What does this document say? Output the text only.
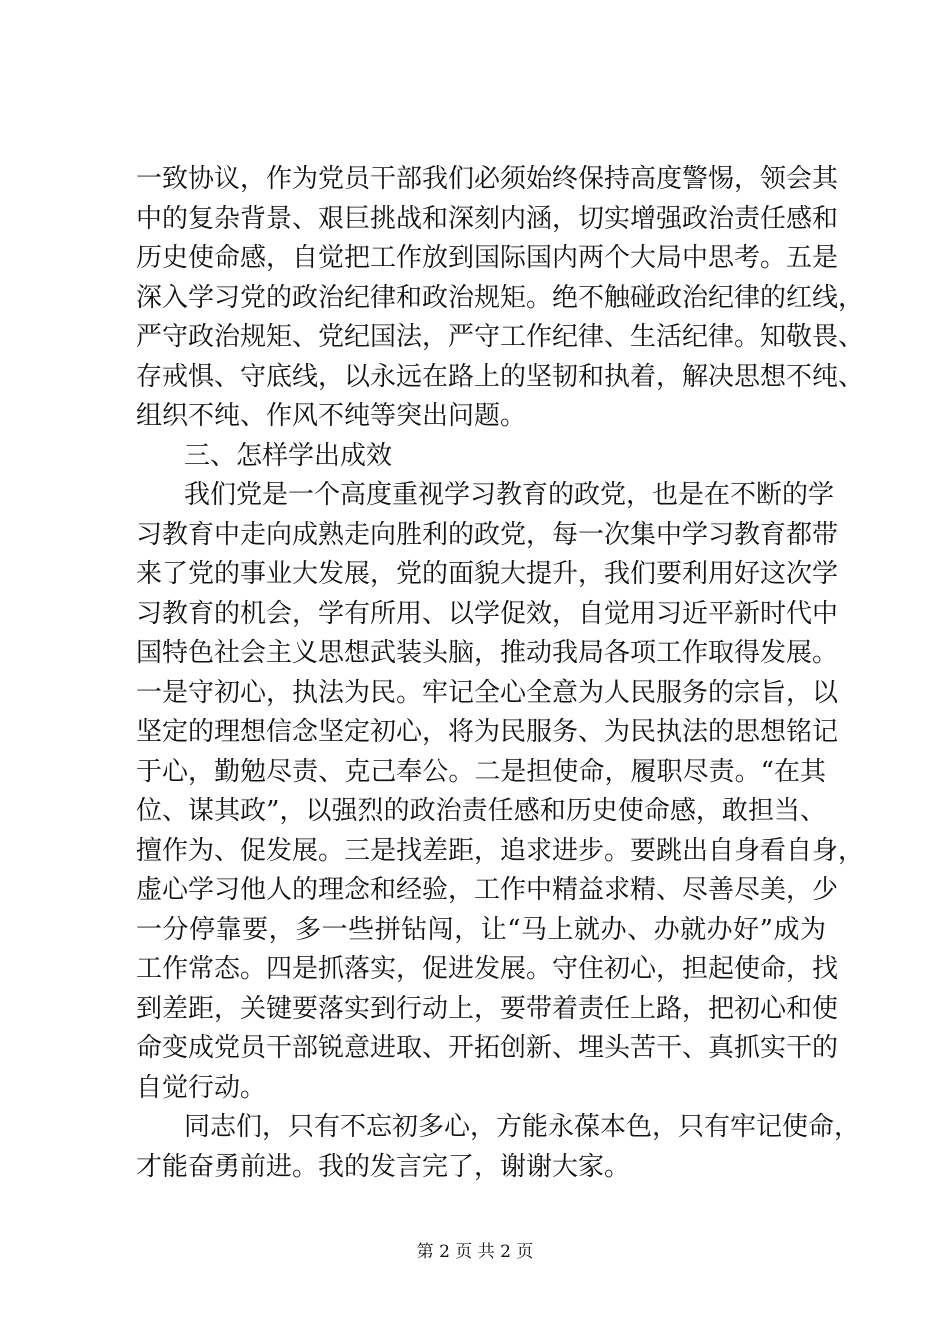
一致协议，作为党员干部我们必须始终保持高度警惕，领会其
中的复杂背景、艰巨挑战和深刻内涵，切实增强政治责任感和
历史使命感，自觉把工作放到国际国内两个大局中思考。五是
深入学习党的政治纪律和政治规矩。绝不触碰政治纪律的红线，
严守政治规矩、党纪国法，严守工作纪律、生活纪律。知敬畏、
存戒惧、守底线，以永远在路上的坚韧和执着，解决思想不纯、
组织不纯、作风不纯等突出问题。
三、怎样学出成效
我们党是一个高度重视学习教育的政党，也是在不断的学
习教育中走向成熟走向胜利的政党，每一次集中学习教育都带
来了党的事业大发展，党的面貌大提升，我们要利用好这次学
习教育的机会，学有所用、以学促效，自觉用习近平新时代中
国特色社会主义思想武装头脑，推动我局各项工作取得发展。
一是守初心，执法为民。牢记全心全意为人民服务的宗旨，以
坚定的理想信念坚定初心，将为民服务、为民执法的思想铭记
于心，勤勉尽责、克己奉公。二是担使命，履职尽责。“在其
位、谋其政”，以强烈的政治责任感和历史使命感，敢担当、
擅作为、促发展。三是找差距，追求进步。要跳出自身看自身，
虚心学习他人的理念和经验，工作中精益求精、尽善尽美，少
一分停靠要，多一些拼钻闯，让“马上就办、办就办好”成为
工作常态。四是抓落实，促进发展。守住初心，担起使命，找
到差距，关键要落实到行动上，要带着责任上路，把初心和使
命变成党员干部锐意进取、开拓创新、埋头苦干、真抓实干的
自觉行动。
同志们，只有不忘初多心，方能永葆本色，只有牢记使命，
才能奋勇前进。我的发言完了，谢谢大家。
第 2 页 共 2 页
